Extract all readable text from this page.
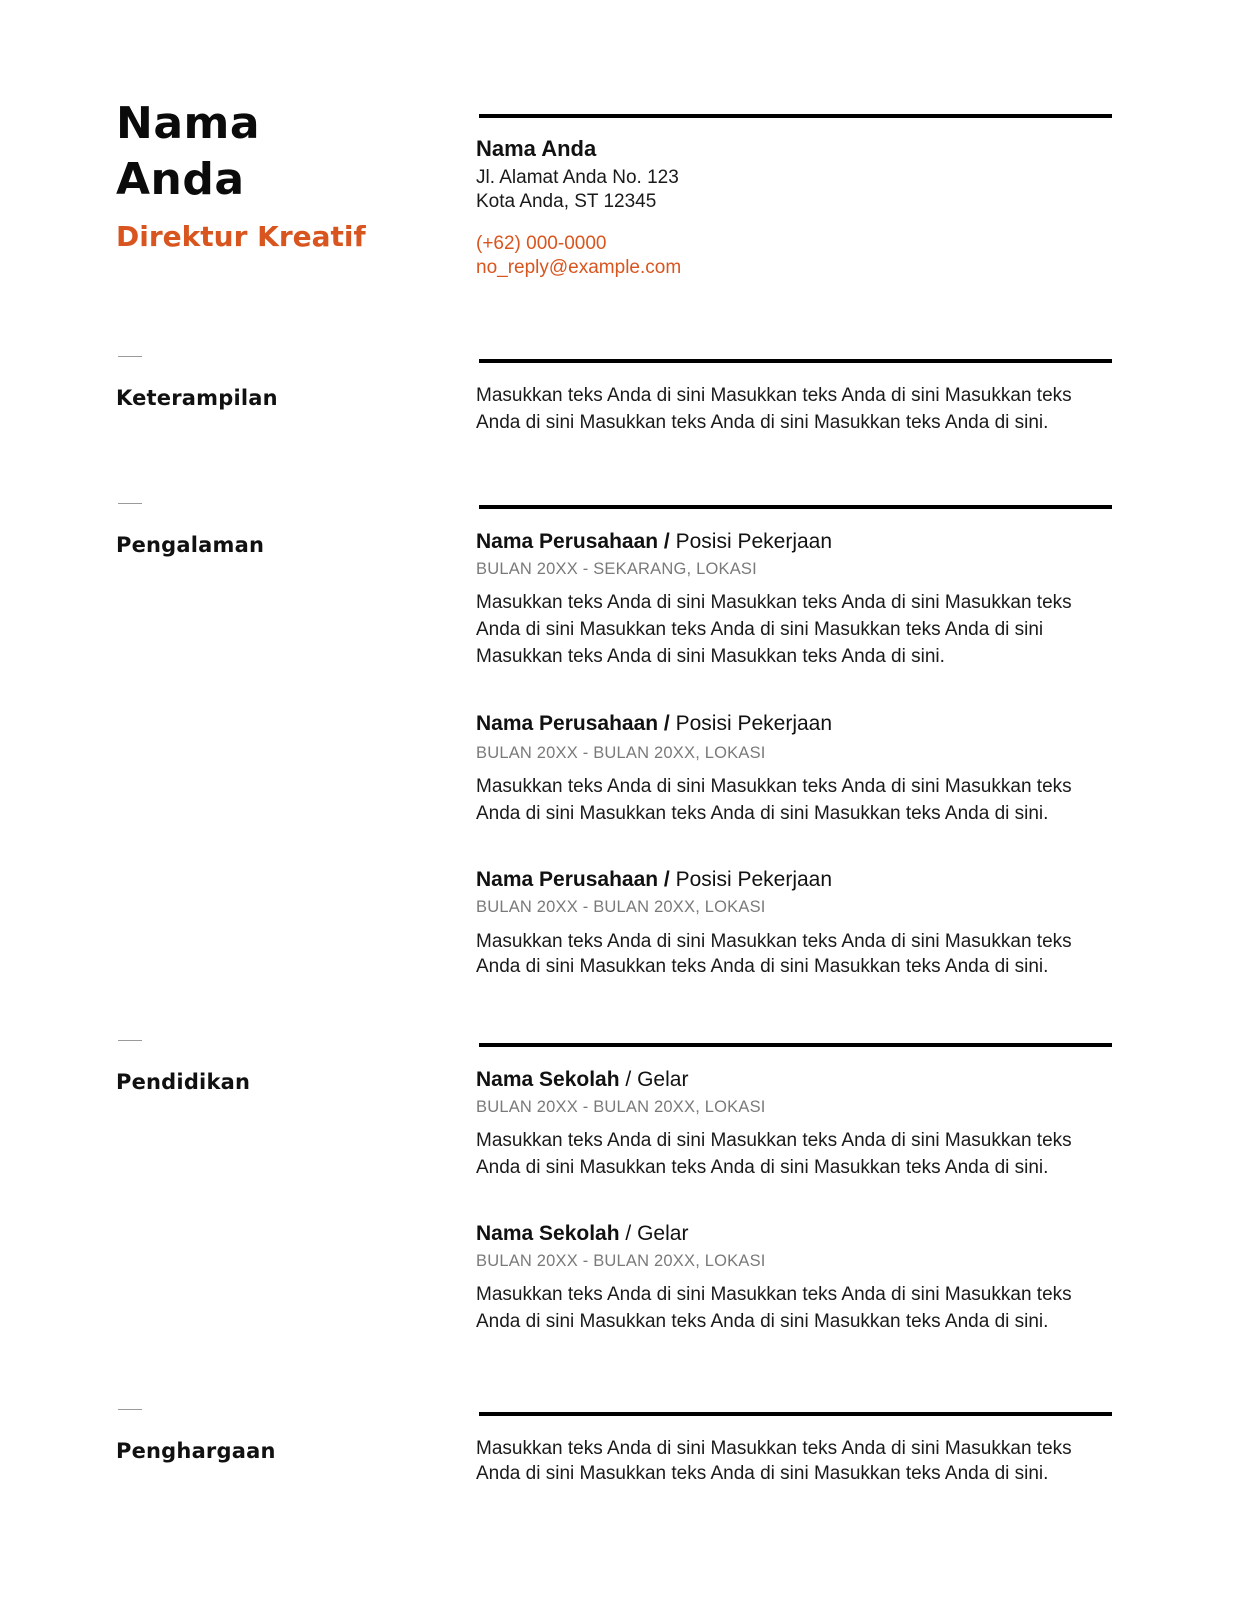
Nama
Anda
Direktur Kreatif
Nama Anda
Jl. Alamat Anda No. 123
Kota Anda, ST 12345
(+62) 000-0000
no_reply@example.com
Keterampilan	Masukkan teks Anda di sini Masukkan teks Anda di sini Masukkan teks
Anda di sini Masukkan teks Anda di sini Masukkan teks Anda di sini.
Pengalaman	Nama Perusahaan / Posisi Pekerjaan
BULAN 20XX - SEKARANG, LOKASI
Masukkan teks Anda di sini Masukkan teks Anda di sini Masukkan teks
Anda di sini Masukkan teks Anda di sini Masukkan teks Anda di sini
Masukkan teks Anda di sini Masukkan teks Anda di sini.
Nama Perusahaan / Posisi Pekerjaan
BULAN 20XX - BULAN 20XX, LOKASI
Masukkan teks Anda di sini Masukkan teks Anda di sini Masukkan teks
Anda di sini Masukkan teks Anda di sini Masukkan teks Anda di sini.
Nama Perusahaan / Posisi Pekerjaan
BULAN 20XX - BULAN 20XX, LOKASI
Masukkan teks Anda di sini Masukkan teks Anda di sini Masukkan teks
Anda di sini Masukkan teks Anda di sini Masukkan teks Anda di sini.
Pendidikan	Nama Sekolah / Gelar
BULAN 20XX - BULAN 20XX, LOKASI
Masukkan teks Anda di sini Masukkan teks Anda di sini Masukkan teks
Anda di sini Masukkan teks Anda di sini Masukkan teks Anda di sini.
Nama Sekolah / Gelar
BULAN 20XX - BULAN 20XX, LOKASI
Masukkan teks Anda di sini Masukkan teks Anda di sini Masukkan teks
Anda di sini Masukkan teks Anda di sini Masukkan teks Anda di sini.
Penghargaan	Masukkan teks Anda di sini Masukkan teks Anda di sini Masukkan teks
Anda di sini Masukkan teks Anda di sini Masukkan teks Anda di sini.
